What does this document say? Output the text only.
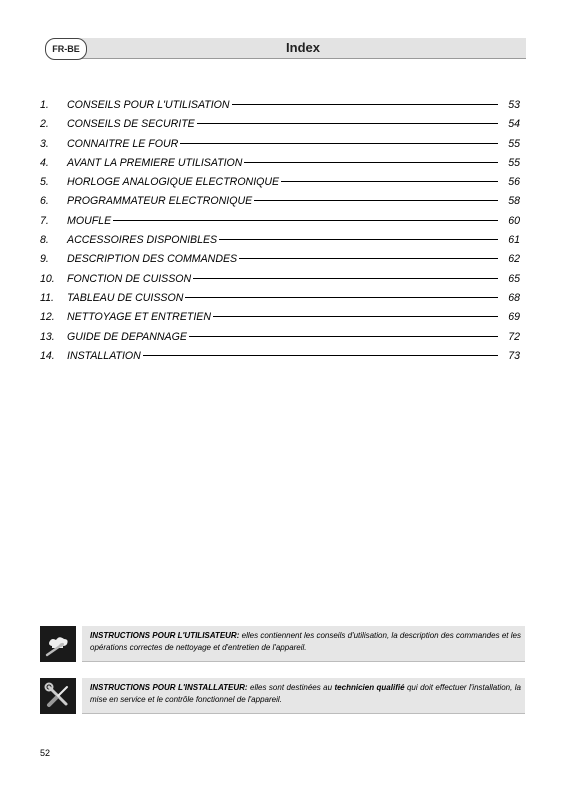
Index
FR-BE
1.	CONSEILS POUR L'UTILISATION	53
2.	CONSEILS DE SECURITE	54
3.	CONNAITRE LE FOUR	55
4.	AVANT LA PREMIERE UTILISATION	55
5.	HORLOGE ANALOGIQUE ELECTRONIQUE	56
6.	PROGRAMMATEUR ELECTRONIQUE	58
7.	MOUFLE	60
8.	ACCESSOIRES DISPONIBLES	61
9.	DESCRIPTION DES COMMANDES	62
10.	FONCTION DE CUISSON	65
11.	TABLEAU DE CUISSON	68
12.	NETTOYAGE ET ENTRETIEN	69
13.	GUIDE DE DEPANNAGE	72
14.	INSTALLATION	73
INSTRUCTIONS POUR L'UTILISATEUR: elles contiennent les conseils d'utilisation, la description des commandes et les opérations correctes de nettoyage et d'entretien de l'appareil.
INSTRUCTIONS POUR L'INSTALLATEUR: elles sont destinées au technicien qualifié qui doit effectuer l'installation, la mise en service et le contrôle fonctionnel de l'appareil.
52
